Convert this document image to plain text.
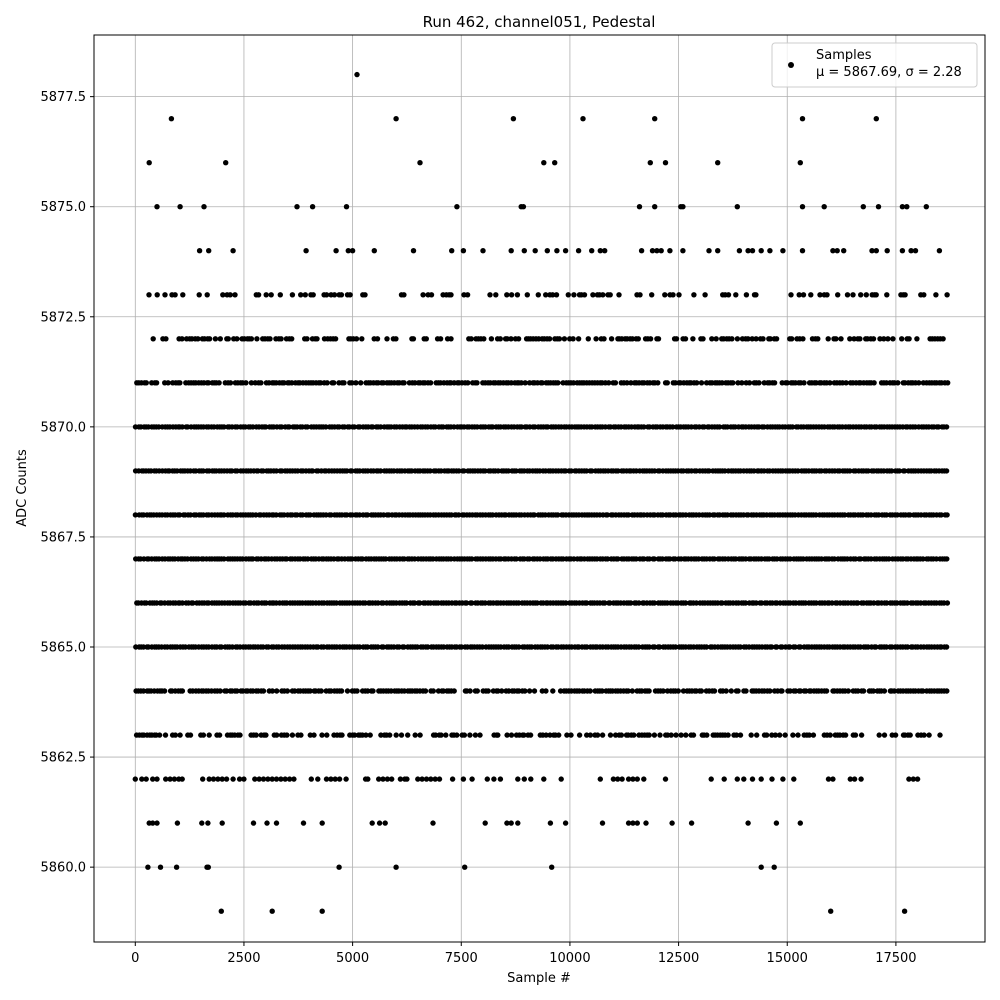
Run 462, channel051, Pedestal
0	2500	5000	7500	10000	12500	15000	17500
5860.0
5862.5
5865.0
5867.5
5870.0
5872.5
5875.0
5877.5
Sample #
ADC Counts
Samples
μ = 5867.69, σ = 2.28
